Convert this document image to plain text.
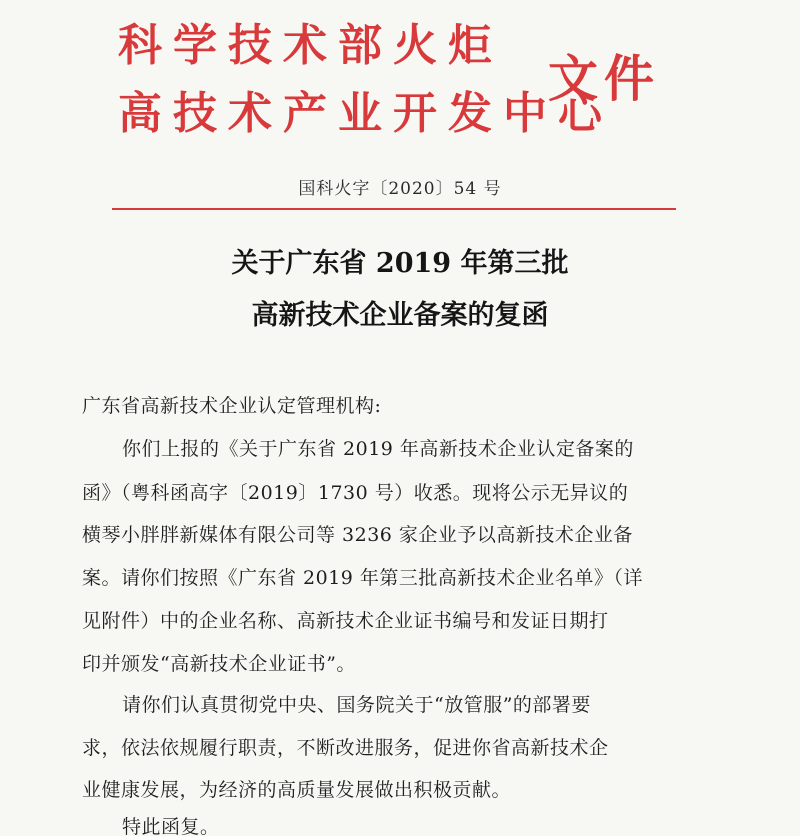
科学技术部火炬
高技术产业开发中心
文件
国科火字〔2020〕54 号
关于广东省 2019 年第三批
高新技术企业备案的复函
广东省高新技术企业认定管理机构:
你们上报的《关于广东省 2019 年高新技术企业认定备案的
函》（粤科函高字〔2019〕1730 号）收悉。现将公示无异议的
横琴小胖胖新媒体有限公司等 3236 家企业予以高新技术企业备
案。请你们按照《广东省 2019 年第三批高新技术企业名单》（详
见附件）中的企业名称、高新技术企业证书编号和发证日期打
印并颁发“高新技术企业证书”。
请你们认真贯彻党中央、国务院关于“放管服”的部署要
求，依法依规履行职责，不断改进服务，促进你省高新技术企
业健康发展，为经济的高质量发展做出积极贡献。
特此函复。
